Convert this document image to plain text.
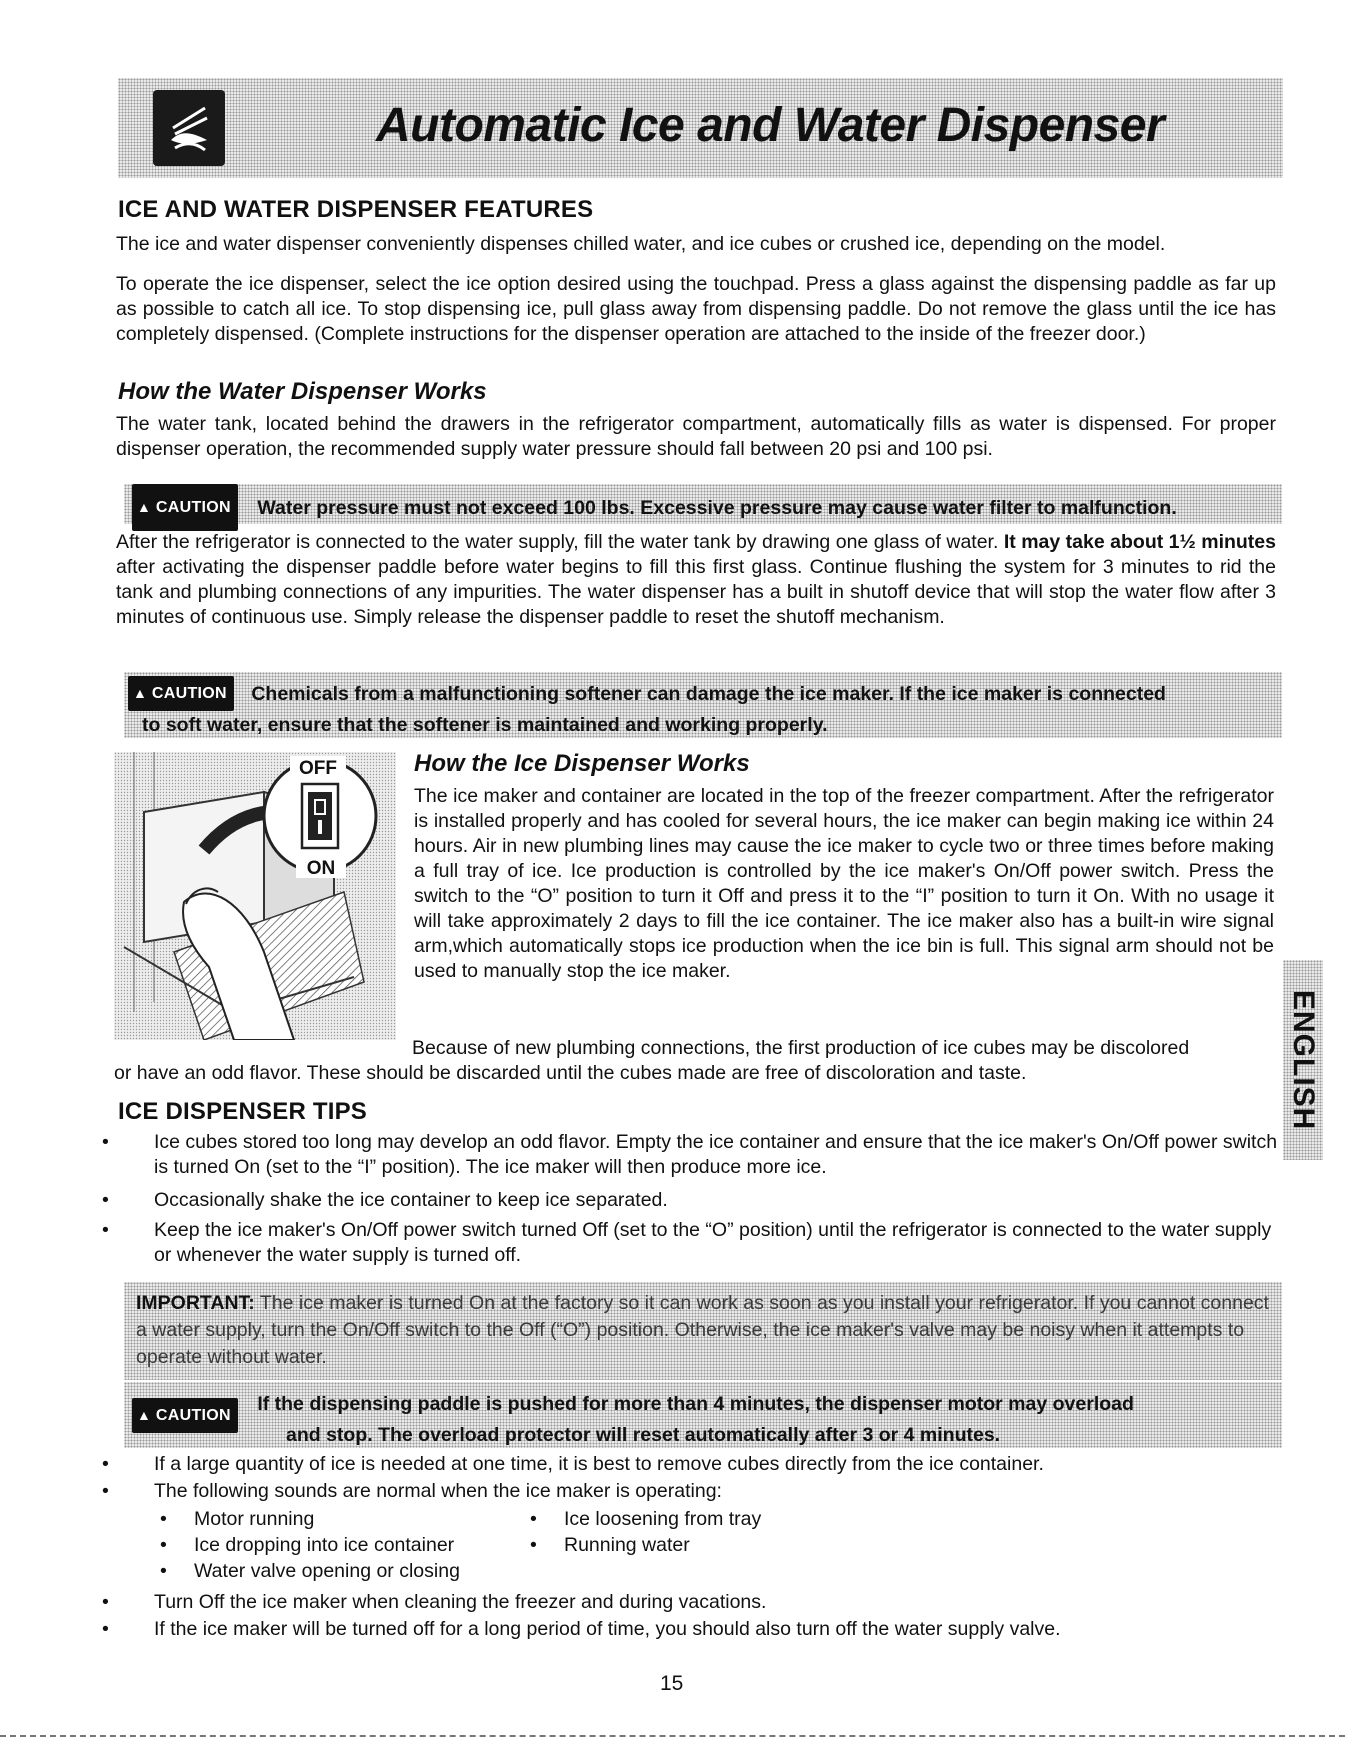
Automatic Ice and Water Dispenser
ICE AND WATER DISPENSER FEATURES

The ice and water dispenser conveniently dispenses chilled water, and ice cubes or crushed ice, depending on the model.

To operate the ice dispenser, select the ice option desired using the touchpad. Press a glass against the dispensing paddle as far up as possible to catch all ice. To stop dispensing ice, pull glass away from dispensing paddle. Do not remove the glass until the ice has completely dispensed. (Complete instructions for the dispenser operation are attached to the inside of the freezer door.)

How the Water Dispenser Works

The water tank, located behind the drawers in the refrigerator compartment, automatically fills as water is dispensed. For proper dispenser operation, the recommended supply water pressure should fall between 20 psi and 100 psi.

▲ CAUTION Water pressure must not exceed 100 lbs. Excessive pressure may cause water filter to malfunction.

After the refrigerator is connected to the water supply, fill the water tank by drawing one glass of water. It may take about 1½ minutes after activating the dispenser paddle before water begins to fill this first glass. Continue flushing the system for 3 minutes to rid the tank and plumbing connections of any impurities. The water dispenser has a built in shutoff device that will stop the water flow after 3 minutes of continuous use. Simply release the dispenser paddle to reset the shutoff mechanism.

▲ CAUTION Chemicals from a malfunctioning softener can damage the ice maker. If the ice maker is connected
to soft water, ensure that the softener is maintained and working properly.
OFF
ON
How the Ice Dispenser Works

The ice maker and container are located in the top of the freezer compartment. After the refrigerator is installed properly and has cooled for several hours, the ice maker can begin making ice within 24 hours. Air in new plumbing lines may cause the ice maker to cycle two or three times before making a full tray of ice. Ice production is controlled by the ice maker's On/Off power switch. Press the switch to the “O” position to turn it Off and press it to the “I” position to turn it On. With no usage it will take approximately 2 days to fill the ice container. The ice maker also has a built-in wire signal arm,which automatically stops ice production when the ice bin is full. This signal arm should not be used to manually stop the ice maker.

Because of new plumbing connections, the first production of ice cubes may be discolored

or have an odd flavor. These should be discarded until the cubes made are free of discoloration and taste.	ENGLISH
ICE DISPENSER TIPS
• Ice cubes stored too long may develop an odd flavor. Empty the ice container and ensure that the ice maker's On/Off power switch is turned On (set to the “I” position). The ice maker will then produce more ice.
• Occasionally shake the ice container to keep ice separated.
• Keep the ice maker's On/Off power switch turned Off (set to the “O” position) until the refrigerator is connected to the water supply or whenever the water supply is turned off.

IMPORTANT: The ice maker is turned On at the factory so it can work as soon as you install your refrigerator. If you cannot connect a water supply, turn the On/Off switch to the Off (“O”) position. Otherwise, the ice maker's valve may be noisy when it attempts to operate without water.

▲ CAUTION If the dispensing paddle is pushed for more than 4 minutes, the dispenser motor may overload
and stop. The overload protector will reset automatically after 3 or 4 minutes.
• If a large quantity of ice is needed at one time, it is best to remove cubes directly from the ice container.
• The following sounds are normal when the ice maker is operating:
• Motor running	• Ice loosening from tray
• Ice dropping into ice container	• Running water
• Water valve opening or closing
• Turn Off the ice maker when cleaning the freezer and during vacations.
• If the ice maker will be turned off for a long period of time, you should also turn off the water supply valve.

15
